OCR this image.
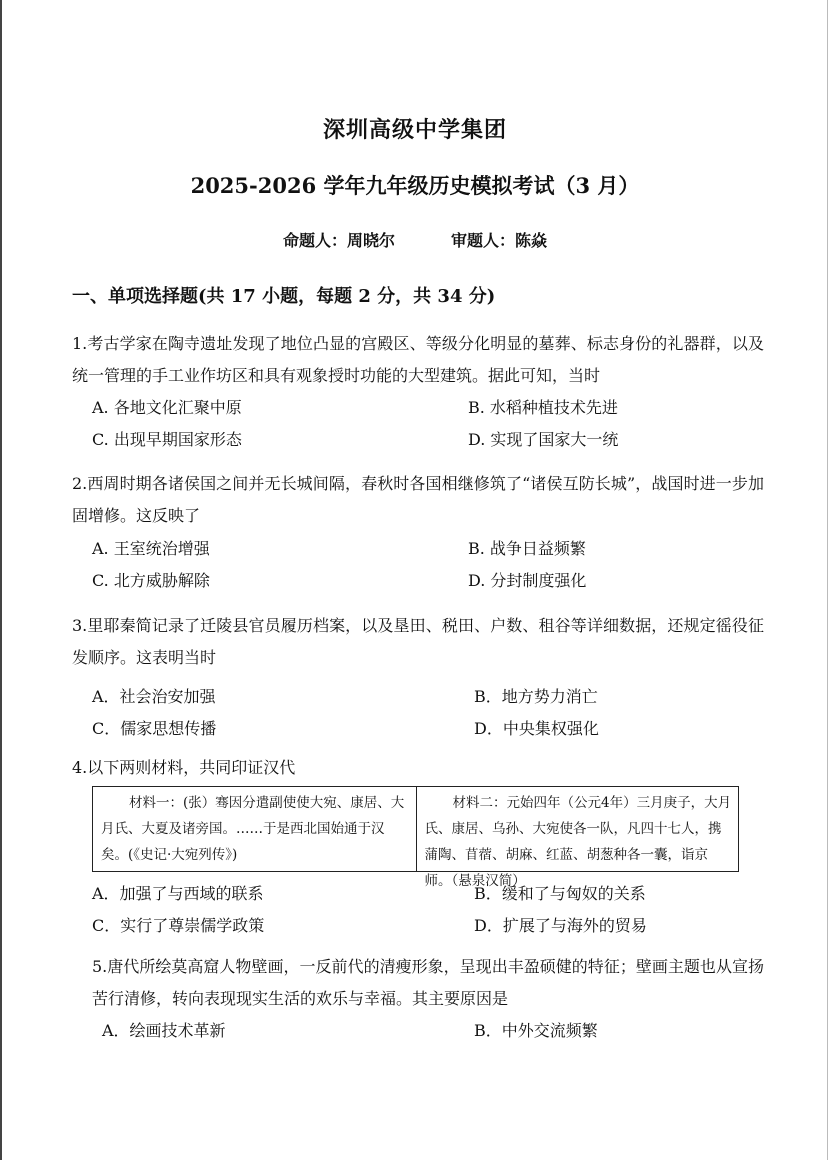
深圳高级中学集团
2025-2026 学年九年级历史模拟考试（3 月）
命题人：周晓尔	审题人：陈焱
一、单项选择题(共 17 小题，每题 2 分，共 34 分)
1.考古学家在陶寺遗址发现了地位凸显的宫殿区、等级分化明显的墓葬、标志身份的礼器群，以及统一管理的手工业作坊区和具有观象授时功能的大型建筑。据此可知，当时
A. 各地文化汇聚中原	B. 水稻种植技术先进
C. 出现早期国家形态	D. 实现了国家大一统
2.西周时期各诸侯国之间并无长城间隔，春秋时各国相继修筑了“诸侯互防长城”，战国时进一步加固增修。这反映了
A. 王室统治增强	B. 战争日益频繁
C. 北方威胁解除	D. 分封制度强化
3.里耶秦简记录了迁陵县官员履历档案，以及垦田、税田、户数、租谷等详细数据，还规定徭役征发顺序。这表明当时
A．社会治安加强	B．地方势力消亡
C．儒家思想传播	D．中央集权强化
4.以下两则材料，共同印证汉代
材料一：(张）骞因分遣副使使大宛、康居、大月氏、大夏及诸旁国。……于是西北国始通于汉矣。(《史记·大宛列传》)
材料二：元始四年（公元4年）三月庚子，大月氏、康居、乌孙、大宛使各一队，凡四十七人，携蒲陶、苜蓿、胡麻、红蓝、胡葱种各一囊，诣京师。（悬泉汉简）
A．加强了与西域的联系	B．缓和了与匈奴的关系
C．实行了尊崇儒学政策	D．扩展了与海外的贸易
5.唐代所绘莫高窟人物壁画，一反前代的清瘦形象，呈现出丰盈硕健的特征；壁画主题也从宣扬苦行清修，转向表现现实生活的欢乐与幸福。其主要原因是
A．绘画技术革新	B．中外交流频繁
